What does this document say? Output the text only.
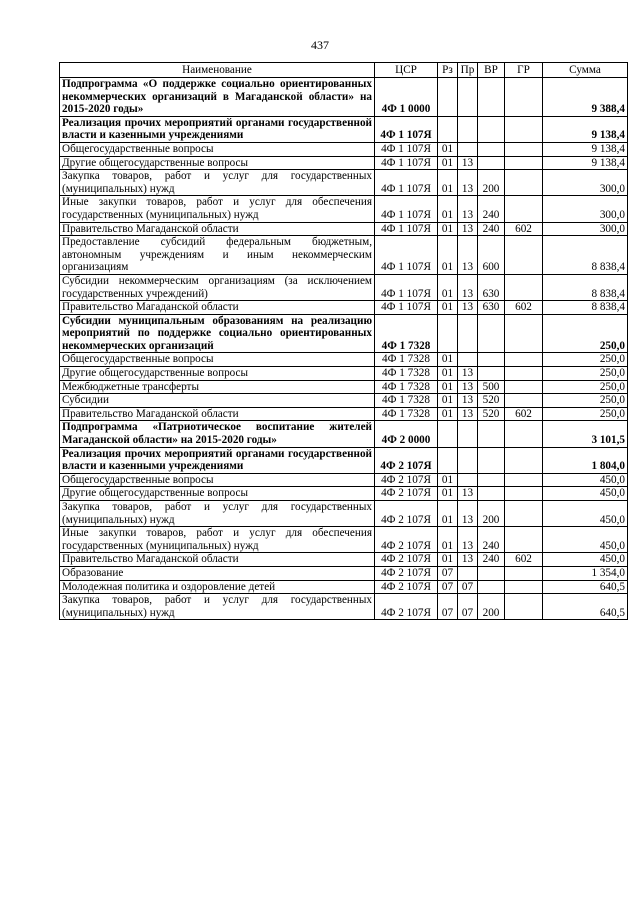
437
Наименование	ЦСР	Рз	Пр	ВР	ГР	Сумма
Подпрограмма «О поддержке социально ориентированных некоммерческих организаций в Магаданской области» на 2015-2020 годы»	4Ф 1 0000					9 388,4
Реализация прочих мероприятий органами государственной власти и казенными учреждениями	4Ф 1 107Я					9 138,4
Общегосударственные вопросы	4Ф 1 107Я	01				9 138,4
Другие общегосударственные вопросы	4Ф 1 107Я	01	13			9 138,4
Закупка товаров, работ и услуг для государственных (муниципальных) нужд	4Ф 1 107Я	01	13	200		300,0
Иные закупки товаров, работ и услуг для обеспечения государственных (муниципальных) нужд	4Ф 1 107Я	01	13	240		300,0
Правительство Магаданской области	4Ф 1 107Я	01	13	240	602	300,0
Предоставление субсидий федеральным бюджетным, автономным учреждениям и иным некоммерческим организациям	4Ф 1 107Я	01	13	600		8 838,4
Субсидии некоммерческим организациям (за исключением государственных учреждений)	4Ф 1 107Я	01	13	630		8 838,4
Правительство Магаданской области	4Ф 1 107Я	01	13	630	602	8 838,4
Субсидии муниципальным образованиям на реализацию мероприятий по поддержке социально ориентированных некоммерческих организаций	4Ф 1 7328					250,0
Общегосударственные вопросы	4Ф 1 7328	01				250,0
Другие общегосударственные вопросы	4Ф 1 7328	01	13			250,0
Межбюджетные трансферты	4Ф 1 7328	01	13	500		250,0
Субсидии	4Ф 1 7328	01	13	520		250,0
Правительство Магаданской области	4Ф 1 7328	01	13	520	602	250,0
Подпрограмма «Патриотическое воспитание жителей Магаданской области» на 2015-2020 годы»	4Ф 2 0000					3 101,5
Реализация прочих мероприятий органами государственной власти и казенными учреждениями	4Ф 2 107Я					1 804,0
Общегосударственные вопросы	4Ф 2 107Я	01				450,0
Другие общегосударственные вопросы	4Ф 2 107Я	01	13			450,0
Закупка товаров, работ и услуг для государственных (муниципальных) нужд	4Ф 2 107Я	01	13	200		450,0
Иные закупки товаров, работ и услуг для обеспечения государственных (муниципальных) нужд	4Ф 2 107Я	01	13	240		450,0
Правительство Магаданской области	4Ф 2 107Я	01	13	240	602	450,0
Образование	4Ф 2 107Я	07				1 354,0
Молодежная политика и оздоровление детей	4Ф 2 107Я	07	07			640,5
Закупка товаров, работ и услуг для государственных (муниципальных) нужд	4Ф 2 107Я	07	07	200		640,5
